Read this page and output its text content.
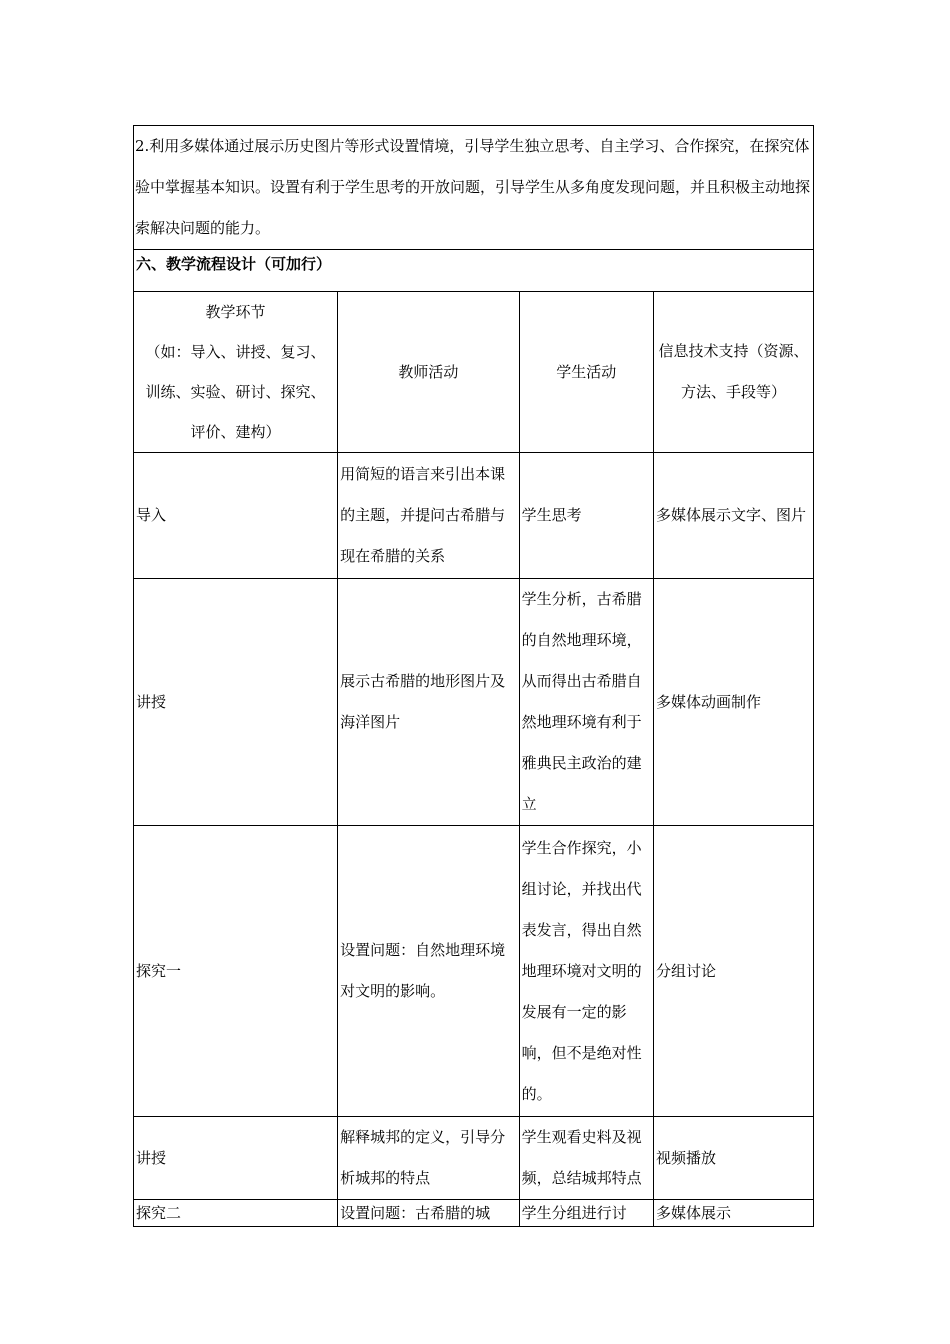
2.利用多媒体通过展示历史图片等形式设置情境，引导学生独立思考、自主学习、合作探究，在探究体验中掌握基本知识。设置有利于学生思考的开放问题，引导学生从多角度发现问题，并且积极主动地探索解决问题的能力。			
六、教学流程设计（可加行）			

教学环节
（如：导入、讲授、复习、
训练、实验、研讨、探究、
评价、建构）	教师活动	学生活动	信息技术支持（资源、方法、手段等）
导入	用简短的语言来引出本课的主题，并提问古希腊与现在希腊的关系	学生思考	多媒体展示文字、图片
讲授	展示古希腊的地形图片及海洋图片	学生分析，古希腊的自然地理环境，从而得出古希腊自然地理环境有利于雅典民主政治的建立	多媒体动画制作
探究一	设置问题：自然地理环境对文明的影响。	学生合作探究，小组讨论，并找出代表发言，得出自然地理环境对文明的发展有一定的影响，但不是绝对性的。	分组讨论
讲授	解释城邦的定义，引导分析城邦的特点	学生观看史料及视频，总结城邦特点	视频播放
探究二	设置问题：古希腊的城	学生分组进行讨	多媒体展示
